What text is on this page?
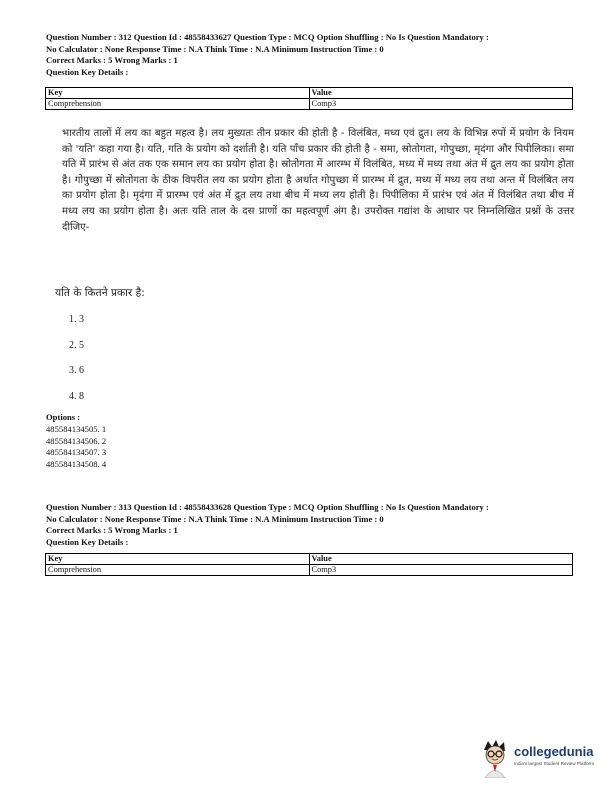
Question Number : 312 Question Id : 48558433627 Question Type : MCQ Option Shuffling : No Is Question Mandatory :
No Calculator : None Response Time : N.A Think Time : N.A Minimum Instruction Time : 0
Correct Marks : 5 Wrong Marks : 1
Question Key Details :
Key	Value
Comprehension	Comp3

भारतीय तालों में लय का बहुत महत्व है। लय मुख्यतः तीन प्रकार की होती है - विलंबित, मध्य एवं द्रुत। लय के विभिन्न रुपों में प्रयोग के नियम को 'यति' कहा गया है। यति, गति के प्रयोग को दर्शाती है। यति पाँच प्रकार की होती है - समा, स्रोतोगता, गोपुच्छा, मृदंगा और पिपीलिका। समा यति में प्रारंभ से अंत तक एक समान लय का प्रयोग होता है। स्रोतोगता में आरम्भ में विलंबित, मध्य में मध्य तथा अंत में द्रुत लय का प्रयोग होता है। गोपुच्छा में स्रोतोगता के ठीक विपरीत लय का प्रयोग होता है अर्थात गोपुच्छा में प्रारम्भ में द्रुत, मध्य में मध्य लय तथा अन्त में विलंबित लय का प्रयोग होता है। मृदंगा में प्रारम्भ एवं अंत में द्रुत लय तथा बीच में मध्य लय होती है। पिपीलिका में प्रारंभ एवं अंत में विलंबित तथा बीच में मध्य लय का प्रयोग होता है। अतः यति ताल के दस प्राणों का महत्वपूर्ण अंग है। उपरोक्त गद्यांश के आधार पर निम्नलिखित प्रश्नों के उत्तर दीजिए-

यति के कितने प्रकार है:

1. 3

2. 5

3. 6

4. 8

Options :
485584134505. 1
485584134506. 2
485584134507. 3
485584134508. 4
Question Number : 313 Question Id : 48558433628 Question Type : MCQ Option Shuffling : No Is Question Mandatory :
No Calculator : None Response Time : N.A Think Time : N.A Minimum Instruction Time : 0
Correct Marks : 5 Wrong Marks : 1
Question Key Details :
Key	Value
Comprehension	Comp3
collegedunia
India's largest Student Review Platform
